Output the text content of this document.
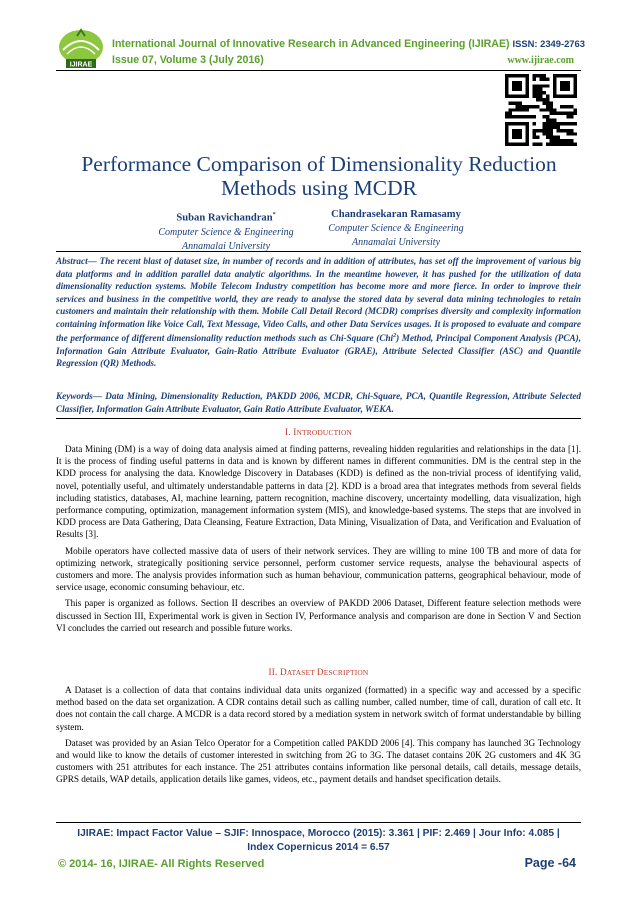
IJIRAE
International Journal of Innovative Research in Advanced Engineering (IJIRAE) ISSN: 2349-2763
Issue 07, Volume 3 (July 2016)	www.ijirae.com
Performance Comparison of Dimensionality Reduction
Methods using MCDR
Suban Ravichandran*
Computer Science & Engineering
Annamalai University
Chandrasekaran Ramasamy
Computer Science & Engineering
Annamalai University
Abstract— The recent blast of dataset size, in number of records and in addition of attributes, has set off the improvement of various big data platforms and in addition parallel data analytic algorithms. In the meantime however, it has pushed for the utilization of data dimensionality reduction systems. Mobile Telecom Industry competition has become more and more fierce. In order to improve their services and business in the competitive world, they are ready to analyse the stored data by several data mining technologies to retain customers and maintain their relationship with them. Mobile Call Detail Record (MCDR) comprises diversity and complexity information containing information like Voice Call, Text Message, Video Calls, and other Data Services usages. It is proposed to evaluate and compare the performance of different dimensionality reduction methods such as Chi-Square (Chi$^2$) Method, Principal Component Analysis (PCA), Information Gain Attribute Evaluator, Gain-Ratio Attribute Evaluator (GRAE), Attribute Selected Classifier (ASC) and Quantile Regression (QR) Methods.
Keywords— Data Mining, Dimensionality Reduction, PAKDD 2006, MCDR, Chi-Square, PCA, Quantile Regression, Attribute Selected Classifier, Information Gain Attribute Evaluator, Gain Ratio Attribute Evaluator, WEKA.
I. INTRODUCTION

Data Mining (DM) is a way of doing data analysis aimed at finding patterns, revealing hidden regularities and relationships in the data [1]. It is the process of finding useful patterns in data and is known by different names in different communities. DM is the central step in the KDD process for analysing the data. Knowledge Discovery in Databases (KDD) is defined as the non-trivial process of identifying valid, novel, potentially useful, and ultimately understandable patterns in data [2]. KDD is a broad area that integrates methods from several fields including statistics, databases, AI, machine learning, pattern recognition, machine discovery, uncertainty modelling, data visualization, high performance computing, optimization, management information system (MIS), and knowledge-based systems. The steps that are involved in KDD process are Data Gathering, Data Cleansing, Feature Extraction, Data Mining, Visualization of Data, and Verification and Evaluation of Results [3].

Mobile operators have collected massive data of users of their network services. They are willing to mine 100 TB and more of data for optimizing network, strategically positioning service personnel, perform customer service requests, analyse the behavioural aspects of customers and more. The analysis provides information such as human behaviour, communication patterns, geographical behaviour, mode of service usage, economic consuming behaviour, etc.

This paper is organized as follows. Section II describes an overview of PAKDD 2006 Dataset, Different feature selection methods were discussed in Section III, Experimental work is given in Section IV, Performance analysis and comparison are done in Section V and Section VI concludes the carried out research and possible future works.

II. DATASET DESCRIPTION

A Dataset is a collection of data that contains individual data units organized (formatted) in a specific way and accessed by a specific method based on the data set organization. A CDR contains detail such as calling number, called number, time of call, duration of call etc. It does not contain the call charge. A MCDR is a data record stored by a mediation system in network switch of format understandable by billing system.

Dataset was provided by an Asian Telco Operator for a Competition called PAKDD 2006 [4]. This company has launched 3G Technology and would like to know the details of customer interested in switching from 2G to 3G. The dataset contains 20K 2G customers and 4K 3G customers with 251 attributes for each instance. The 251 attributes contains information like personal details, call details, message details, GPRS details, WAP details, application details like games, videos, etc., payment details and handset specification details.

IJIRAE: Impact Factor Value – SJIF: Innospace, Morocco (2015): 3.361 | PIF: 2.469 | Jour Info: 4.085 |
Index Copernicus 2014 = 6.57
© 2014- 16, IJIRAE- All Rights Reserved	Page -64
